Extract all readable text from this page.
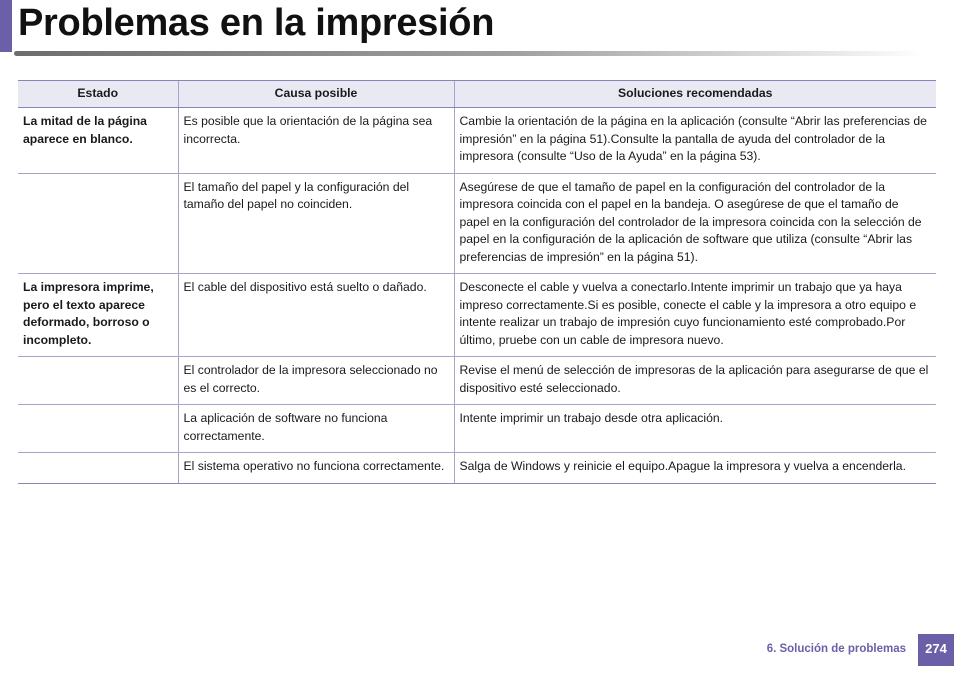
Problemas en la impresión
Estado	Causa posible	Soluciones recomendadas
La mitad de la página aparece en blanco.	Es posible que la orientación de la página sea incorrecta.	Cambie la orientación de la página en la aplicación (consulte “Abrir las preferencias de impresión” en la página 51).Consulte la pantalla de ayuda del controlador de la impresora (consulte “Uso de la Ayuda” en la página 53).
	El tamaño del papel y la configuración del tamaño del papel no coinciden.	Asegúrese de que el tamaño de papel en la configuración del controlador de la impresora coincida con el papel en la bandeja. O asegúrese de que el tamaño de papel en la configuración del controlador de la impresora coincida con la selección de papel en la configuración de la aplicación de software que utiliza (consulte “Abrir las preferencias de impresión” en la página 51).
La impresora imprime, pero el texto aparece deformado, borroso o incompleto.	El cable del dispositivo está suelto o dañado.	Desconecte el cable y vuelva a conectarlo.Intente imprimir un trabajo que ya haya impreso correctamente.Si es posible, conecte el cable y la impresora a otro equipo e intente realizar un trabajo de impresión cuyo funcionamiento esté comprobado.Por último, pruebe con un cable de impresora nuevo.
	El controlador de la impresora seleccionado no es el correcto.	Revise el menú de selección de impresoras de la aplicación para asegurarse de que el dispositivo esté seleccionado.
	La aplicación de software no funciona correctamente.	Intente imprimir un trabajo desde otra aplicación.
	El sistema operativo no funciona correctamente.	Salga de Windows y reinicie el equipo.Apague la impresora y vuelva a encenderla.
6. Solución de problemas	274
